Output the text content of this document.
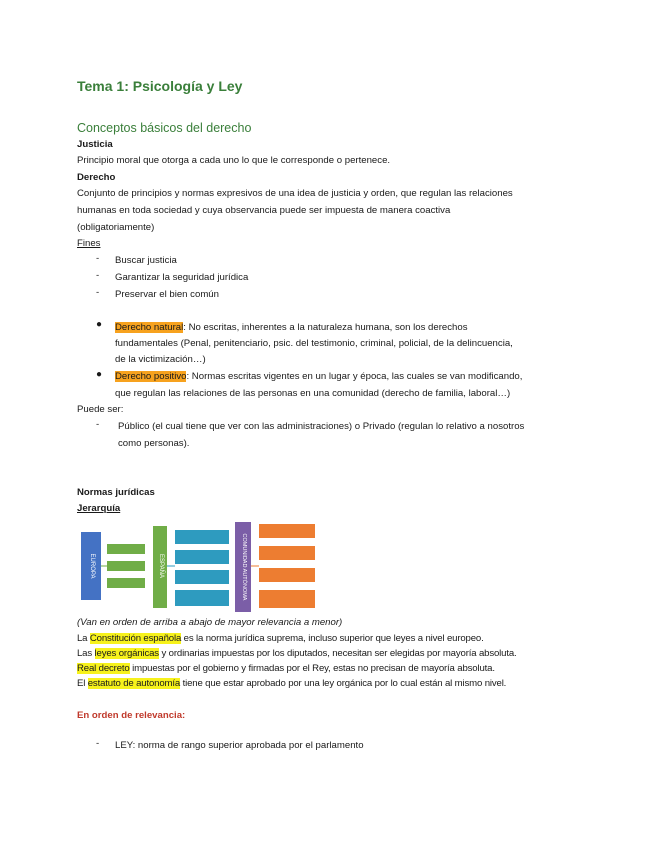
Tema 1: Psicología y Ley
Conceptos básicos del derecho
Justicia
Principio moral que otorga a cada uno lo que le corresponde o pertenece.
Derecho
Conjunto de principios y normas expresivos de una idea de justicia y orden, que regulan las relaciones
humanas en toda sociedad y cuya observancia puede ser impuesta de manera coactiva
(obligatoriamente)
Fines
- Buscar justicia
- Garantizar la seguridad jurídica
- Preservar el bien común
● Derecho natural: No escritas, inherentes a la naturaleza humana, son los derechos
fundamentales (Penal, penitenciario, psic. del testimonio, criminal, policial, de la delincuencia,
de la victimización…)
● Derecho positivo: Normas escritas vigentes en un lugar y época, las cuales se van modificando,
que regulan las relaciones de las personas en una comunidad (derecho de familia, laboral…)
Puede ser:
- Público (el cual tiene que ver con las administraciones) o Privado (regulan lo relativo a nosotros
como personas).
Normas jurídicas
Jerarquía
EUROPA	ESPAÑA	COMUNIDAD AUTÓNOMA
(Van en orden de arriba a abajo de mayor relevancia a menor)
La Constitución española es la norma jurídica suprema, incluso superior que leyes a nivel europeo.
Las leyes orgánicas y ordinarias impuestas por los diputados, necesitan ser elegidas por mayoría absoluta.
Real decreto impuestas por el gobierno y firmadas por el Rey, estas no precisan de mayoría absoluta.
El estatuto de autonomía tiene que estar aprobado por una ley orgánica por lo cual están al mismo nivel.
En orden de relevancia:
- LEY: norma de rango superior aprobada por el parlamento
